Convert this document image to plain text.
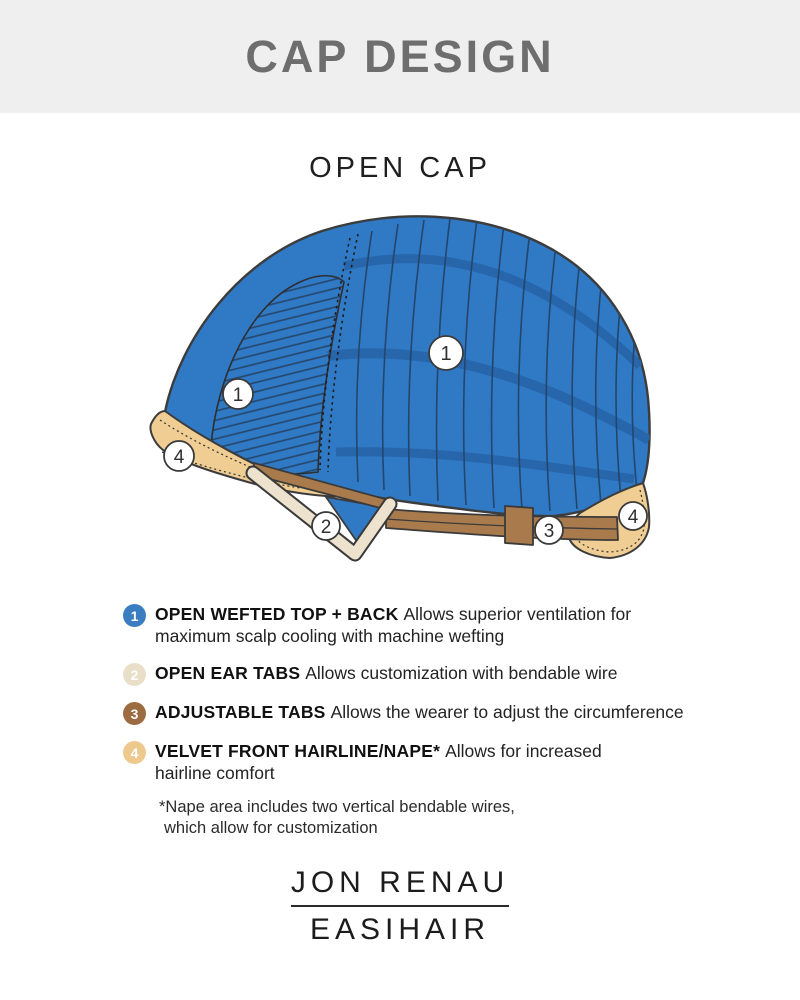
CAP DESIGN
OPEN CAP
1
1
2	3
4
4
1 OPEN WEFTED TOP + BACK Allows superior ventilation for
maximum scalp cooling with machine wefting
2 OPEN EAR TABS Allows customization with bendable wire
3 ADJUSTABLE TABS Allows the wearer to adjust the circumference
4 VELVET FRONT HAIRLINE/NAPE* Allows for increased
hairline comfort
*Nape area includes two vertical bendable wires,
which allow for customization
JON RENAU
EASIHAIR
